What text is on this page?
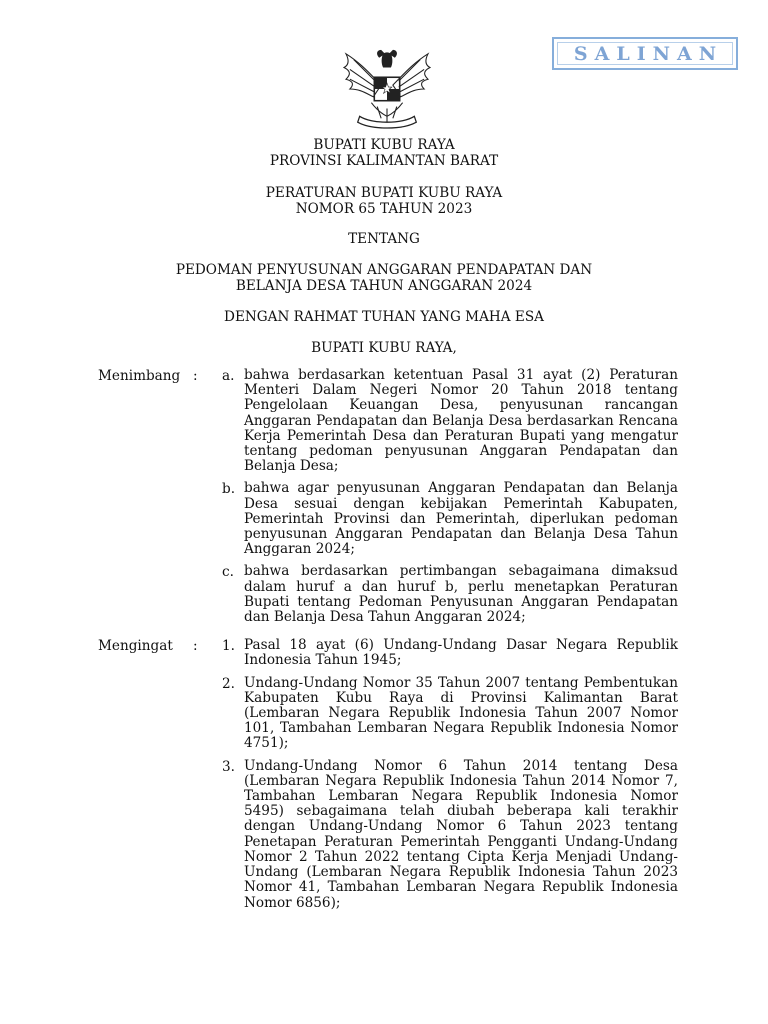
SALINAN
BUPATI KUBU RAYA
PROVINSI KALIMANTAN BARAT
PERATURAN BUPATI KUBU RAYA
NOMOR 65 TAHUN 2023
TENTANG
PEDOMAN PENYUSUNAN ANGGARAN PENDAPATAN DAN
BELANJA DESA TAHUN ANGGARAN 2024
DENGAN RAHMAT TUHAN YANG MAHA ESA
BUPATI KUBU RAYA,
Menimbang : a. bahwa berdasarkan ketentuan Pasal 31 ayat (2) Peraturan Menteri Dalam Negeri Nomor 20 Tahun 2018 tentang Pengelolaan Keuangan Desa, penyusunan rancangan Anggaran Pendapatan dan Belanja Desa berdasarkan Rencana Kerja Pemerintah Desa dan Peraturan Bupati yang mengatur tentang pedoman penyusunan Anggaran Pendapatan dan Belanja Desa;
b. bahwa agar penyusunan Anggaran Pendapatan dan Belanja Desa sesuai dengan kebijakan Pemerintah Kabupaten, Pemerintah Provinsi dan Pemerintah, diperlukan pedoman penyusunan Anggaran Pendapatan dan Belanja Desa Tahun Anggaran 2024;
c. bahwa berdasarkan pertimbangan sebagaimana dimaksud dalam huruf a dan huruf b, perlu menetapkan Peraturan Bupati tentang Pedoman Penyusunan Anggaran Pendapatan dan Belanja Desa Tahun Anggaran 2024;
Mengingat	: 1. Pasal 18 ayat (6) Undang-Undang Dasar Negara Republik Indonesia Tahun 1945;
2. Undang-Undang Nomor 35 Tahun 2007 tentang Pembentukan Kabupaten Kubu Raya di Provinsi Kalimantan Barat (Lembaran Negara Republik Indonesia Tahun 2007 Nomor 101, Tambahan Lembaran Negara Republik Indonesia Nomor 4751);
3. Undang-Undang Nomor 6 Tahun 2014 tentang Desa (Lembaran Negara Republik Indonesia Tahun 2014 Nomor 7, Tambahan Lembaran Negara Republik Indonesia Nomor 5495) sebagaimana telah diubah beberapa kali terakhir dengan Undang-Undang Nomor 6 Tahun 2023 tentang Penetapan Peraturan Pemerintah Pengganti Undang-Undang Nomor 2 Tahun 2022 tentang Cipta Kerja Menjadi Undang-Undang (Lembaran Negara Republik Indonesia Tahun 2023 Nomor 41, Tambahan Lembaran Negara Republik Indonesia Nomor 6856);
